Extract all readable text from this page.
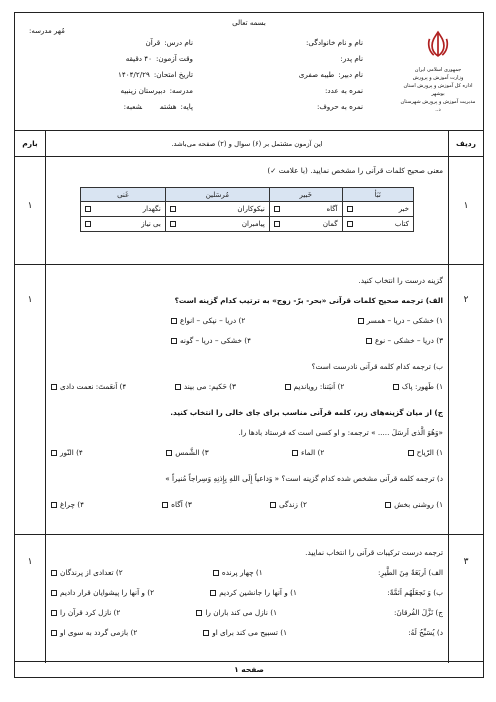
بسمه تعالی
جمهوری اسلامی ایران
وزارت آموزش و پرورش
اداره کل آموزش و پرورش استان بوشهر
مدیریت آموزش و پرورش شهرستان د..
نام و نام خانوادگی:
نام پدر:
نام دبیر:طیبه صفری
نمره به عدد:
نمره به حروف:
نام درس:قرآن
وقت آزمون:۴۰ دقیقه
تاریخ امتحان:۱۴۰۴/۲/۲۹
مدرسه:دبیرستان زینبیه
پایه:هشتمشعبه:
مُهر مدرسه:
ردیف
این آزمون مشتمل بر (۶) سوال و (۲) صفحه می‌باشد.
بارم
۱
۱
معنی صحیح کلمات قرآنی را مشخص نمایید. (با علامت ✓)
نَبَأ	خَبیر	مُرسَلین	غَنی

خبر	آگاه	نیکوکاران	نگهدار

کتاب	گمان	پیامبران	بی نیاز
۲
۱
گزینه درست را انتخاب کنید.
الف) ترجمه صحیح کلمات قرآنی «بحر- برّ- زوج» به ترتیب کدام گزینه است؟
۱) خشکی – دریا – همسر
۲) دریا – نیکی – انواع
۳) دریا – خشکی – نوع
۴) خشکی – دریا – گونه
ب) ترجمه کدام کلمه قرآنی نادرست است؟
۱) طَهور: پاک
۲) اَنبَتنا: رویاندیم
۳) حَکیم: می بیند
۴) اَنعَمتَ: نعمت دادی
ج) از میان گزینه‌های زیر، کلمه قرآنی مناسب برای جای خالی را انتخاب کنید.
«وَهُوَ الَّذی اَرسَلَ ..... » ترجمه: و او کسی است که فرستاد بادها را.
۱) الرّیاح
۲) الماء
۳) الشَّمس
۴) النّور
د) ترجمه کلمه قرآنی مشخص شده کدام گزینه است؟ « وَداعیاً إِلَی اللهِ بِإِذنِهِ وَسِراجاً مُنیراً »
۱) روشنی بخش
۲) زندگی
۳) آگاه
۴) چراغ
۳
۱
ترجمه درست ترکیبات قرآنی را انتخاب نمایید.
الف) اَربَعَةً مِنَ الطَّیرِ:
۱) چهار پرنده
۲) تعدادی از پرندگان
ب) وَ نَجعَلَهُم اَئمَّةً:
۱) و آنها را جانشین کردیم
۲) و آنها را پیشوایان قرار دادیم
ج) نَزَّلَ الفُرقانَ:
۱) نازل می کند باران را
۲) نازل کرد قرآن را
د) یُسَبِّحُ لَهُ:
۱) تسبیح می کند برای او
۲) بازمی گردد به سوی او
صفحه ۱
